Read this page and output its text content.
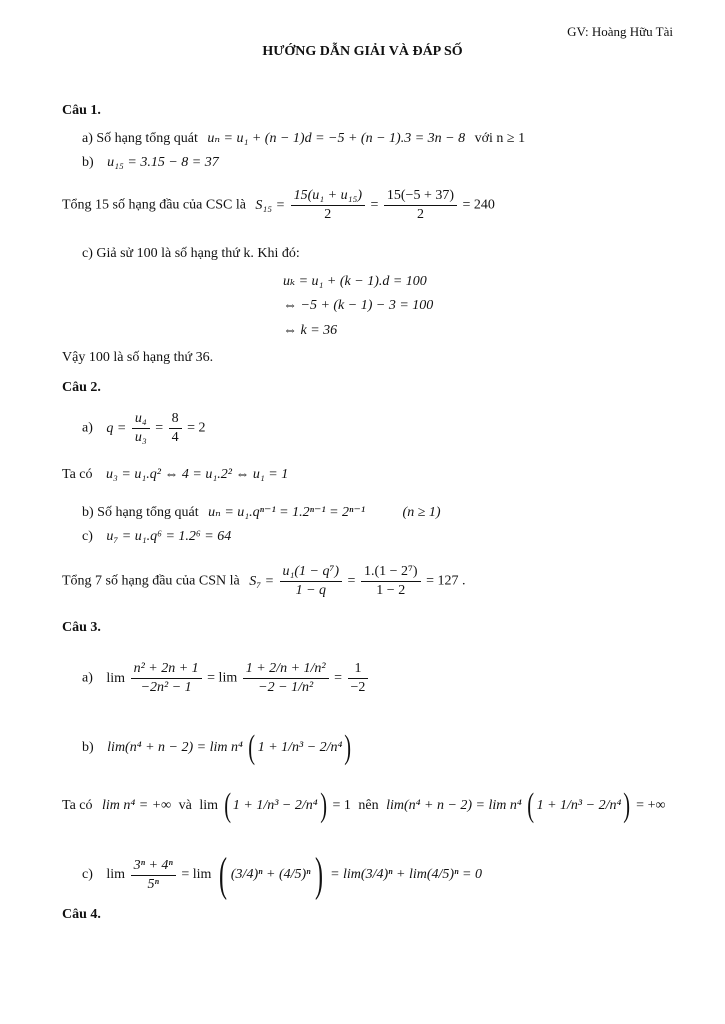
GV: Hoàng Hữu Tài
HƯỚNG DẪN GIẢI VÀ ĐÁP SỐ
Câu 1.
a) Số hạng tổng quát uₙ = u₁ + (n − 1)d = −5 + (n − 1).3 = 3n − 8 với n ≥ 1
b) u₁₅ = 3.15 − 8 = 37
Tổng 15 số hạng đầu của CSC là $S_{15} = \frac{\text{15(u₁ + u₁₅)}}{2} = \frac{15(-5 + 37)}{2} = 240$
c) Giả sử 100 là số hạng thứ k. Khi đó:
uₖ = u₁ + (k − 1).d = 100
⇔ −5 + (k − 1) − 3 = 100
⇔ k = 36
Vậy 100 là số hạng thứ 36.
Câu 2.
a) $q = \frac{\text{u₄}}{\text{u₃}} = \frac{8}{4} = 2$
Ta có u₃ = u₁.q² ⇔ 4 = u₁.2² ⇔ u₁ = 1
b) Số hạng tổng quát uₙ = u₁.qⁿ⁻¹ = 1.2ⁿ⁻¹ = 2ⁿ⁻¹	(n ≥ 1)
c) u₇ = u₁.q⁶ = 1.2⁶ = 64
Tổng 7 số hạng đầu của CSN là $S_7 = \frac{\text{u₁(1 − q⁷)}}{1 - q} = \frac{\text{1.(1 − 2⁷)}}{1 - 2} = 127$ .
Câu 3.
a) $\lim \frac{\text{n² + 2n + 1}}{\text{−2n² − 1}} = \lim \frac{\text{1 + 2/n + 1/n²}}{\text{−2 − 1/n²}} = \frac{1}{-2}$
b) lim(n⁴ + n − 2) = lim n⁴ ( 1 + 1/n³ − 2/n⁴)
Ta có lim n⁴ = +∞ và lim ( 1 + 1/n³ − 2/n⁴) = 1 nên lim(n⁴ + n − 2) = lim n⁴ ( 1 + 1/n³ − 2/n⁴) = +∞
c) $\lim \frac{\text{3ⁿ + 4ⁿ}}{\text{5ⁿ}} = \lim$ ( (3/4)ⁿ + (4/5)ⁿ) = lim(3/4)ⁿ + lim(4/5)ⁿ = 0
Câu 4.
